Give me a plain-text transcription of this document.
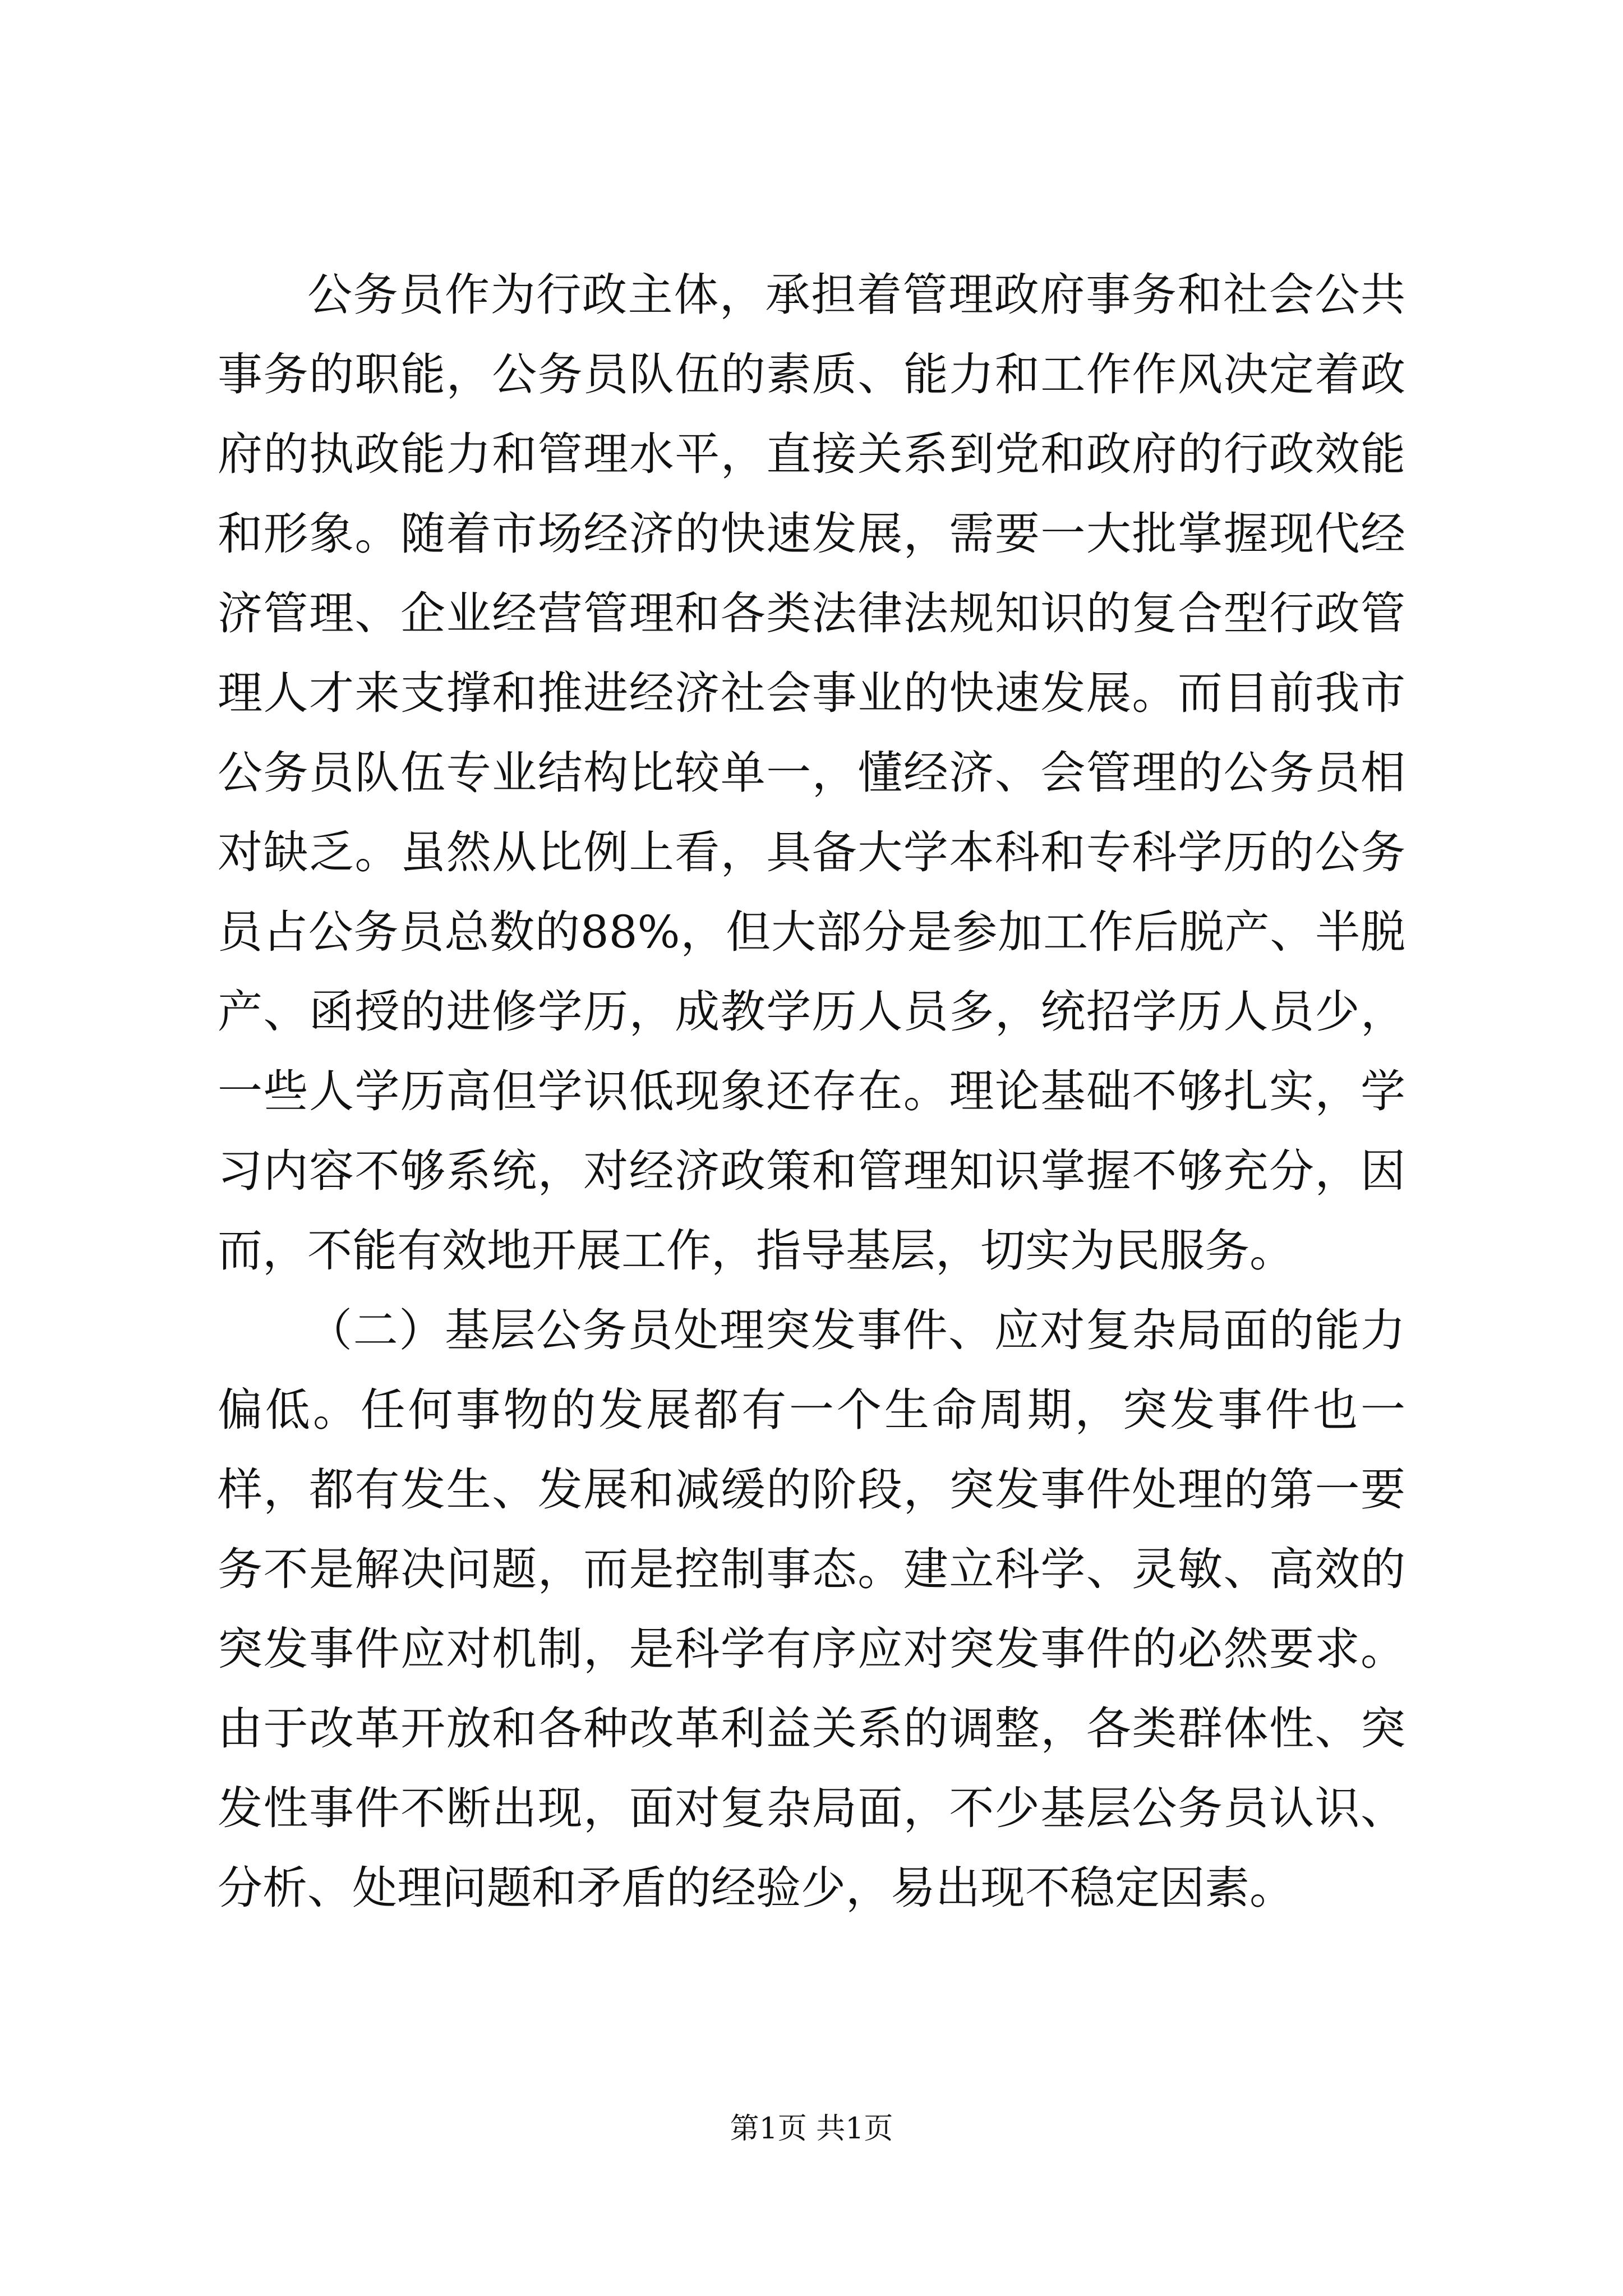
公务员作为行政主体，承担着管理政府事务和社会公共事务的职能，公务员队伍的素质、能力和工作作风决定着政府的执政能力和管理水平，直接关系到党和政府的行政效能和形象。随着市场经济的快速发展，需要一大批掌握现代经济管理、企业经营管理和各类法律法规知识的复合型行政管理人才来支撑和推进经济社会事业的快速发展。而目前我市公务员队伍专业结构比较单一，懂经济、会管理的公务员相对缺乏。虽然从比例上看，具备大学本科和专科学历的公务员占公务员总数的88%，但大部分是参加工作后脱产、半脱产、函授的进修学历，成教学历人员多，统招学历人员少，一些人学历高但学识低现象还存在。理论基础不够扎实，学习内容不够系统，对经济政策和管理知识掌握不够充分，因而，不能有效地开展工作，指导基层，切实为民服务。

（二）基层公务员处理突发事件、应对复杂局面的能力偏低。任何事物的发展都有一个生命周期，突发事件也一样，都有发生、发展和减缓的阶段，突发事件处理的第一要务不是解决问题，而是控制事态。建立科学、灵敏、高效的突发事件应对机制，是科学有序应对突发事件的必然要求。由于改革开放和各种改革利益关系的调整，各类群体性、突发性事件不断出现，面对复杂局面，不少基层公务员认识、分析、处理问题和矛盾的经验少，易出现不稳定因素。

第1页 共1页
